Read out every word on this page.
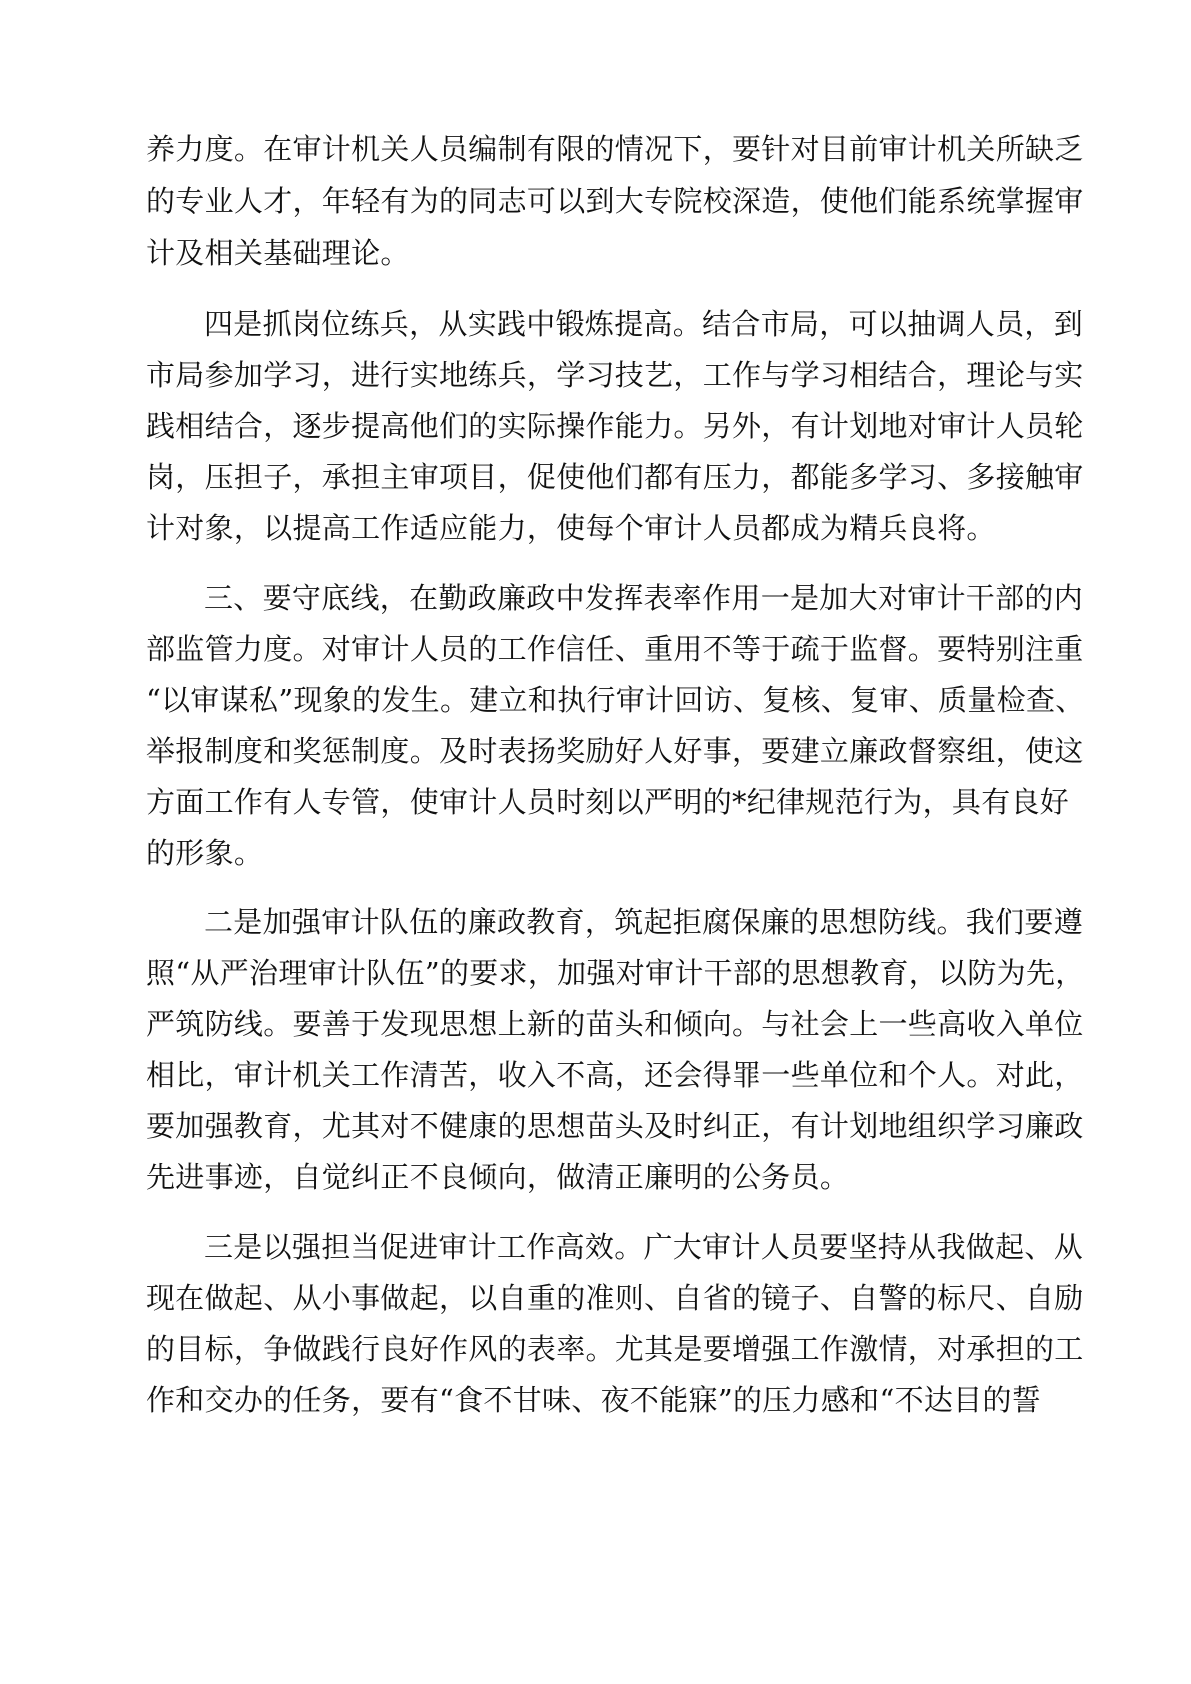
养力度。在审计机关人员编制有限的情况下，要针对目前审计机关所缺乏
的专业人才，年轻有为的同志可以到大专院校深造，使他们能系统掌握审
计及相关基础理论。
四是抓岗位练兵，从实践中锻炼提高。结合市局，可以抽调人员，到
市局参加学习，进行实地练兵，学习技艺，工作与学习相结合，理论与实
践相结合，逐步提高他们的实际操作能力。另外，有计划地对审计人员轮
岗，压担子，承担主审项目，促使他们都有压力，都能多学习、多接触审
计对象，以提高工作适应能力，使每个审计人员都成为精兵良将。
三、要守底线，在勤政廉政中发挥表率作用一是加大对审计干部的内
部监管力度。对审计人员的工作信任、重用不等于疏于监督。要特别注重
“以审谋私”现象的发生。建立和执行审计回访、复核、复审、质量检查、
举报制度和奖惩制度。及时表扬奖励好人好事，要建立廉政督察组，使这
方面工作有人专管，使审计人员时刻以严明的*纪律规范行为，具有良好
的形象。
二是加强审计队伍的廉政教育，筑起拒腐保廉的思想防线。我们要遵
照“从严治理审计队伍”的要求，加强对审计干部的思想教育，以防为先，
严筑防线。要善于发现思想上新的苗头和倾向。与社会上一些高收入单位
相比，审计机关工作清苦，收入不高，还会得罪一些单位和个人。对此，
要加强教育，尤其对不健康的思想苗头及时纠正，有计划地组织学习廉政
先进事迹，自觉纠正不良倾向，做清正廉明的公务员。
三是以强担当促进审计工作高效。广大审计人员要坚持从我做起、从
现在做起、从小事做起，以自重的准则、自省的镜子、自警的标尺、自励
的目标，争做践行良好作风的表率。尤其是要增强工作激情，对承担的工
作和交办的任务，要有“食不甘味、夜不能寐”的压力感和“不达目的誓
